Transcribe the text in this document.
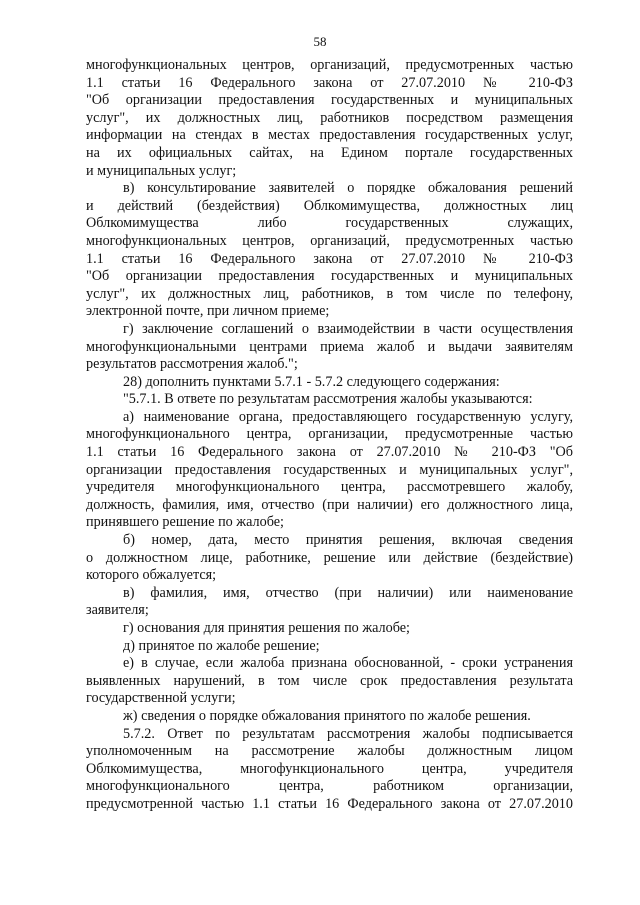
58
многофункциональных центров, организаций, предусмотренных частью
1.1 статьи 16 Федерального закона от 27.07.2010 № 210-ФЗ
"Об организации предоставления государственных и муниципальных
услуг", их должностных лиц, работников посредством размещения
информации на стендах в местах предоставления государственных услуг,
на их официальных сайтах, на Едином портале государственных
и муниципальных услуг;
в) консультирование заявителей о порядке обжалования решений
и действий (бездействия) Облкомимущества, должностных лиц
Облкомимущества либо государственных служащих,
многофункциональных центров, организаций, предусмотренных частью
1.1 статьи 16 Федерального закона от 27.07.2010 № 210-ФЗ
"Об организации предоставления государственных и муниципальных
услуг", их должностных лиц, работников, в том числе по телефону,
электронной почте, при личном приеме;
г) заключение соглашений о взаимодействии в части осуществления
многофункциональными центрами приема жалоб и выдачи заявителям
результатов рассмотрения жалоб.";
28) дополнить пунктами 5.7.1 - 5.7.2 следующего содержания:
"5.7.1. В ответе по результатам рассмотрения жалобы указываются:
а) наименование органа, предоставляющего государственную услугу,
многофункционального центра, организации, предусмотренные частью
1.1 статьи 16 Федерального закона от 27.07.2010 № 210-ФЗ "Об
организации предоставления государственных и муниципальных услуг",
учредителя многофункционального центра, рассмотревшего жалобу,
должность, фамилия, имя, отчество (при наличии) его должностного лица,
принявшего решение по жалобе;
б) номер, дата, место принятия решения, включая сведения
о должностном лице, работнике, решение или действие (бездействие)
которого обжалуется;
в) фамилия, имя, отчество (при наличии) или наименование
заявителя;
г) основания для принятия решения по жалобе;
д) принятое по жалобе решение;
е) в случае, если жалоба признана обоснованной, - сроки устранения
выявленных нарушений, в том числе срок предоставления результата
государственной услуги;
ж) сведения о порядке обжалования принятого по жалобе решения.
5.7.2. Ответ по результатам рассмотрения жалобы подписывается
уполномоченным на рассмотрение жалобы должностным лицом
Облкомимущества, многофункционального центра, учредителя
многофункционального центра, работником организации,
предусмотренной частью 1.1 статьи 16 Федерального закона от 27.07.2010
